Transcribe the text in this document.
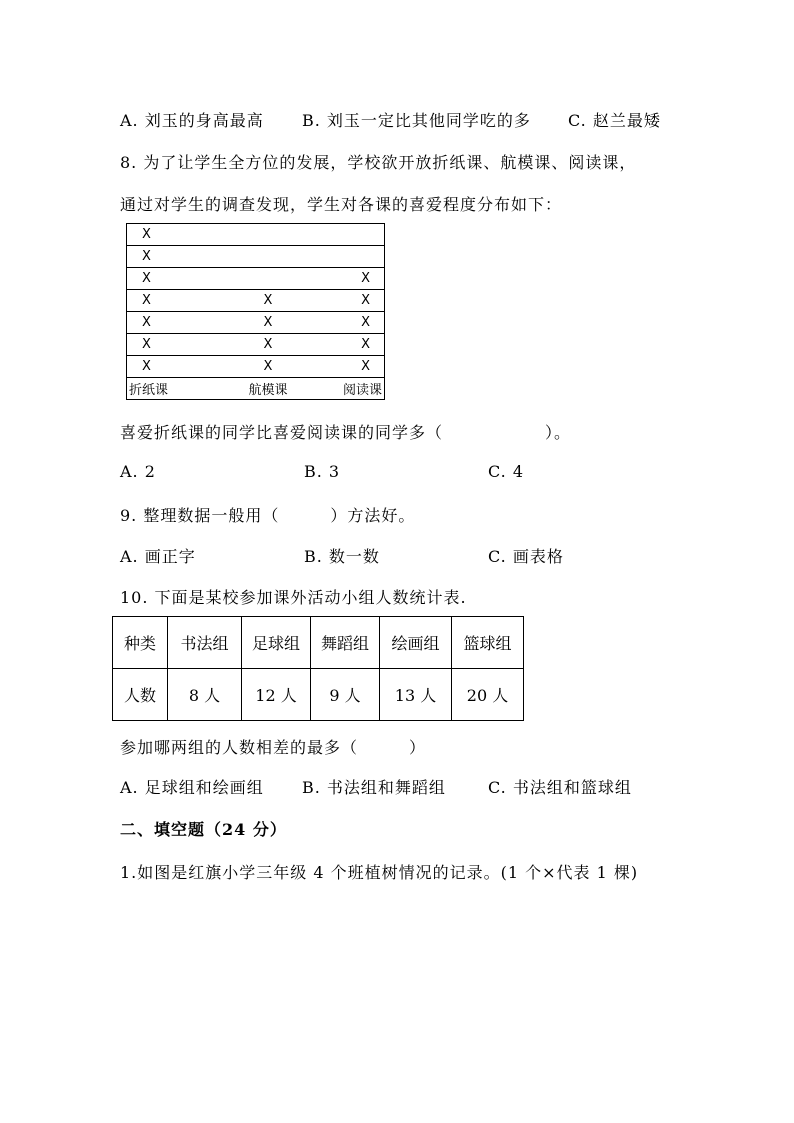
A. 刘玉的身高最高 B. 刘玉一定比其他同学吃的多 C. 赵兰最矮
8. 为了让学生全方位的发展，学校欲开放折纸课、航模课、阅读课，
通过对学生的调查发现，学生对各课的喜爱程度分布如下：
X		
X		
X		X
X	X	X
X	X	X
X	X	X
X	X	X
折纸课	航模课	阅读课
喜爱折纸课的同学比喜爱阅读课的同学多（　　　　　　）。
A. 2	B. 3	C. 4
9. 整理数据一般用（　　　）方法好。
A. 画正字	B. 数一数	C. 画表格
10. 下面是某校参加课外活动小组人数统计表.
种类	书法组	足球组	舞蹈组	绘画组	篮球组
人数	8 人	12 人	9 人	13 人	20 人
参加哪两组的人数相差的最多（　　　）
A. 足球组和绘画组 B. 书法组和舞蹈组	C. 书法组和篮球组
二、填空题（24 分）
1.如图是红旗小学三年级 4 个班植树情况的记录。(1 个×代表 1 棵)
